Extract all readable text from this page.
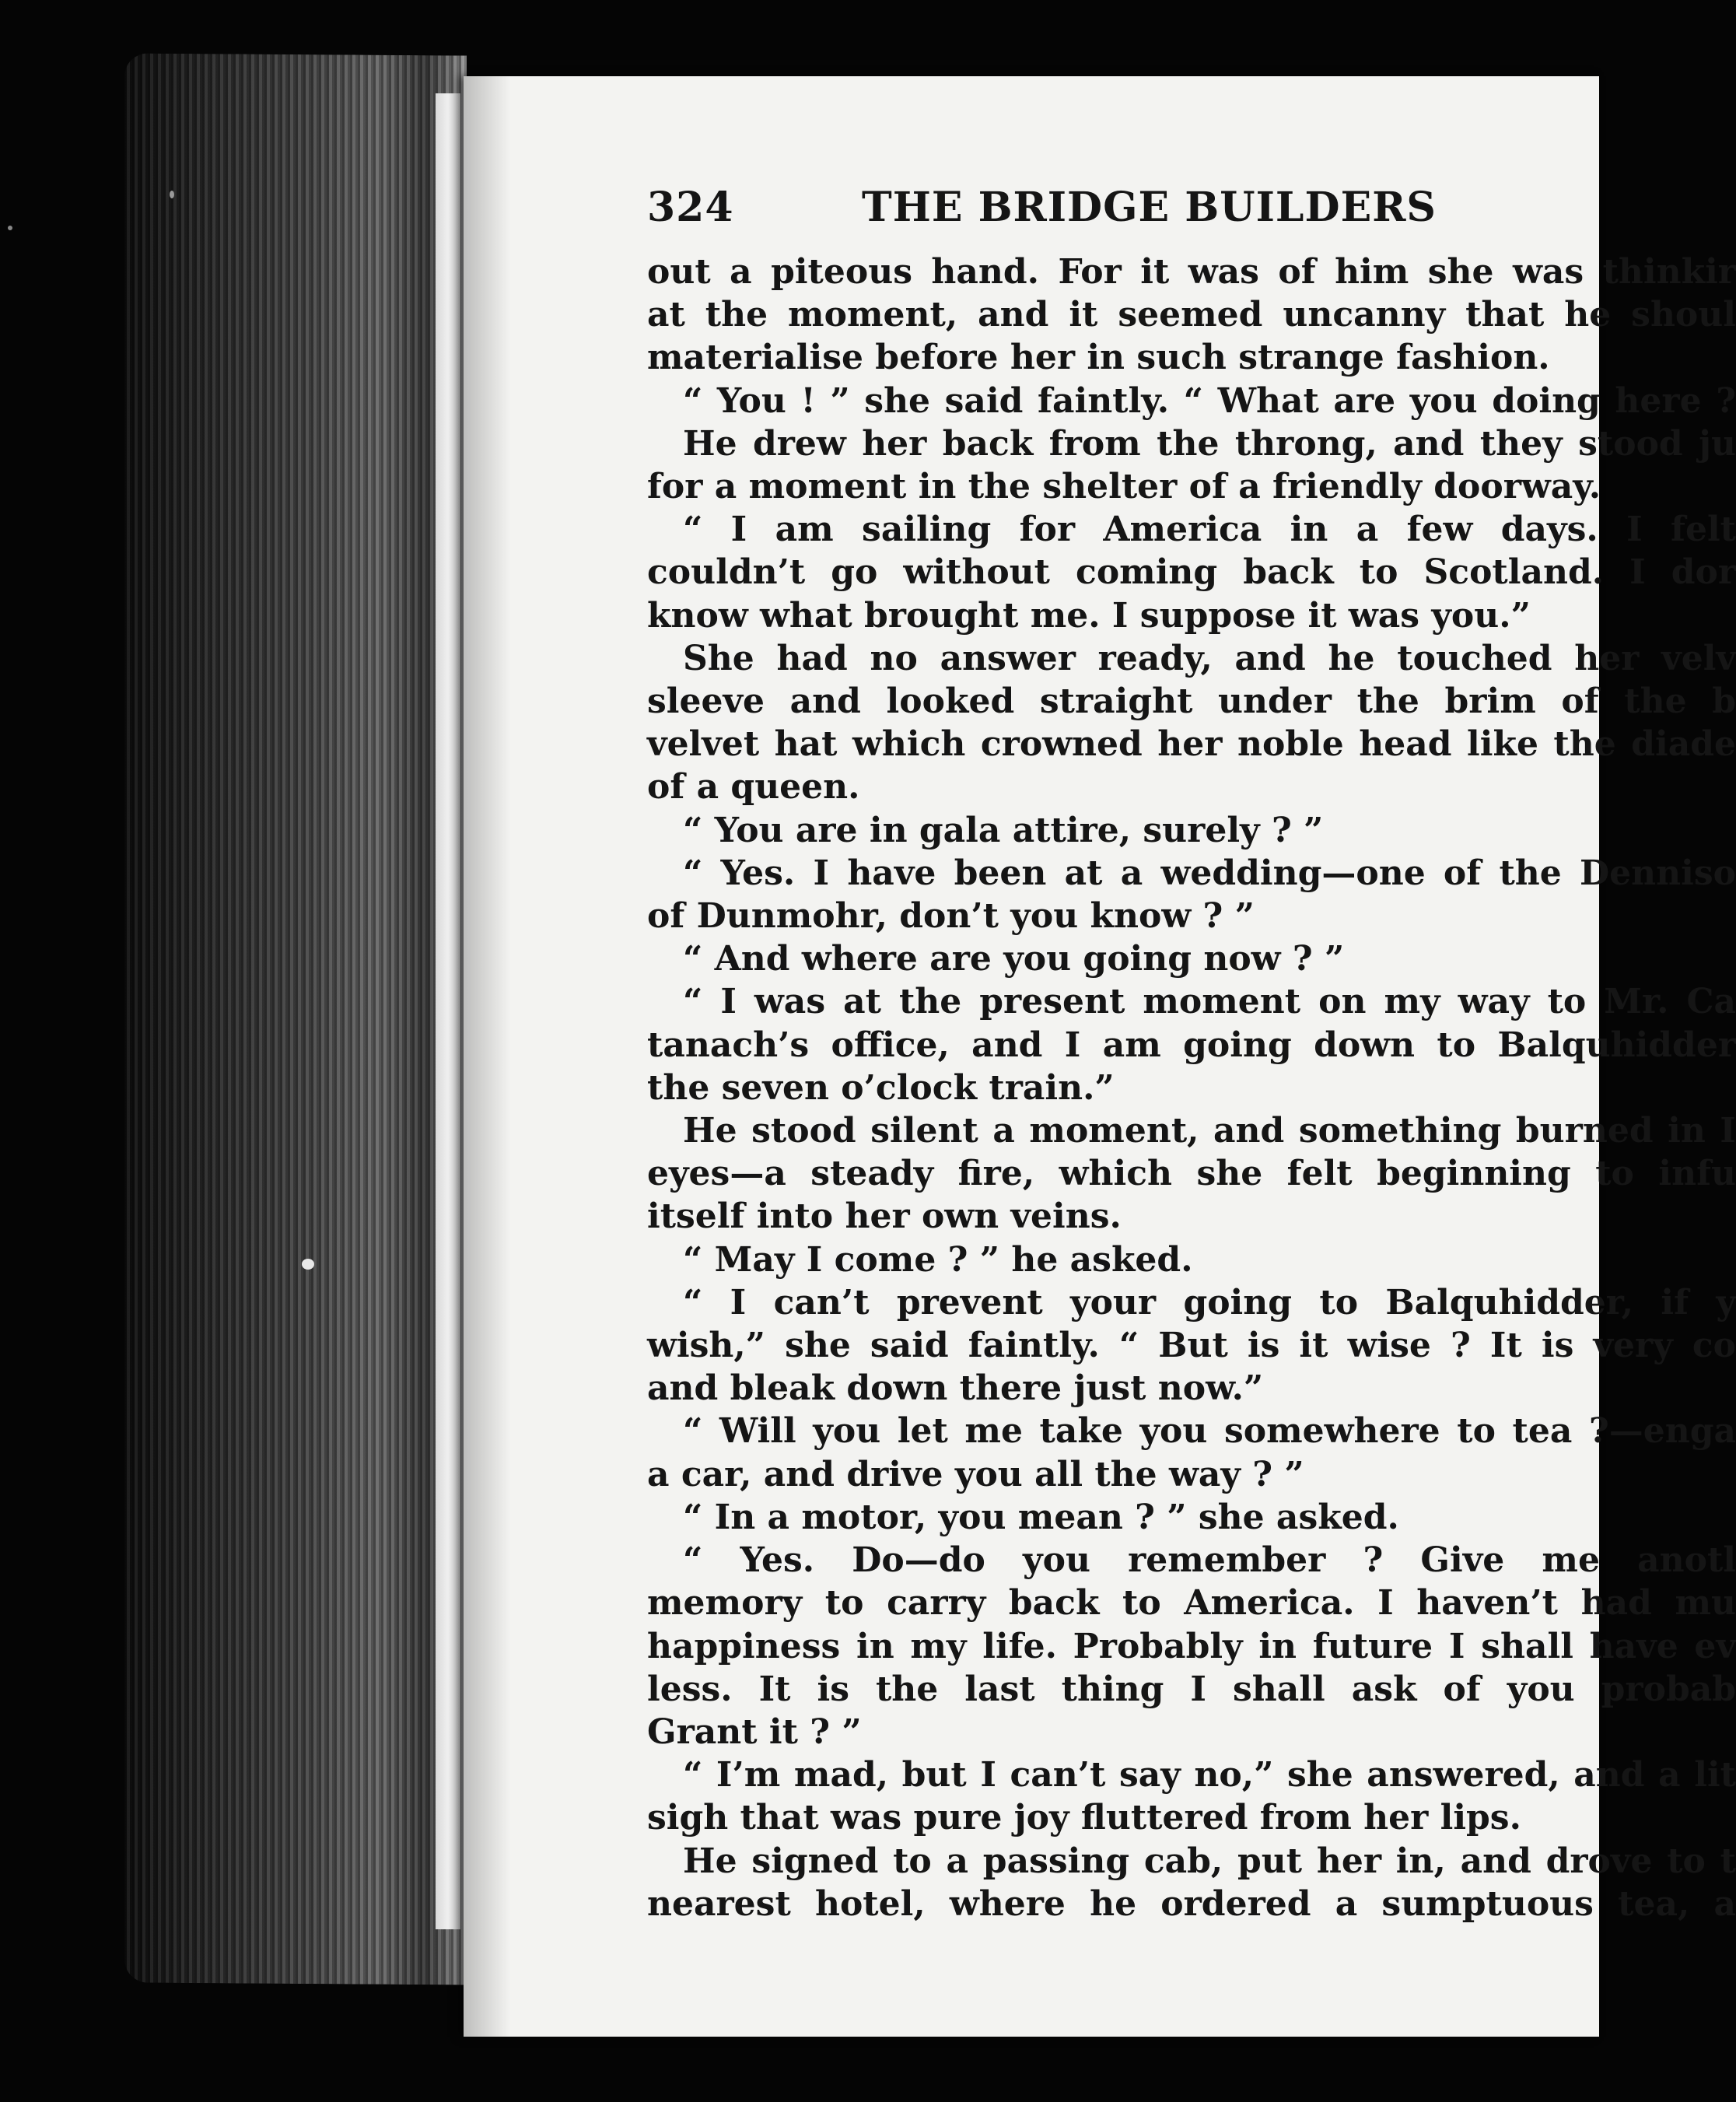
324	THE BRIDGE BUILDERS

out a piteous hand. For it was of him she was thinkir

at the moment, and it seemed uncanny that he shoul

materialise before her in such strange fashion.

“ You ! ” she said faintly. “ What are you doing here ?

He drew her back from the throng, and they stood ju

for a moment in the shelter of a friendly doorway.

“ I am sailing for America in a few days. I felt

couldn’t go without coming back to Scotland. I dor

know what brought me. I suppose it was you.”

She had no answer ready, and he touched her velv

sleeve and looked straight under the brim of the b

velvet hat which crowned her noble head like the diade

of a queen.

“ You are in gala attire, surely ? ”

“ Yes. I have been at a wedding—one of the Denniso

of Dunmohr, don’t you know ? ”

“ And where are you going now ? ”

“ I was at the present moment on my way to Mr. Ca

tanach’s office, and I am going down to Balquhidder

the seven o’clock train.”

He stood silent a moment, and something burned in I

eyes—a steady fire, which she felt beginning to infu

itself into her own veins.

“ May I come ? ” he asked.

“ I can’t prevent your going to Balquhidder, if y

wish,” she said faintly. “ But is it wise ? It is very co

and bleak down there just now.”

“ Will you let me take you somewhere to tea ?—enga

a car, and drive you all the way ? ”

“ In a motor, you mean ? ” she asked.

“ Yes. Do—do you remember ? Give me anotl

memory to carry back to America. I haven’t had mu

happiness in my life. Probably in future I shall have ev

less. It is the last thing I shall ask of you probab

Grant it ? ”

“ I’m mad, but I can’t say no,” she answered, and a lit

sigh that was pure joy fluttered from her lips.

He signed to a passing cab, put her in, and drove to t

nearest hotel, where he ordered a sumptuous tea, a
